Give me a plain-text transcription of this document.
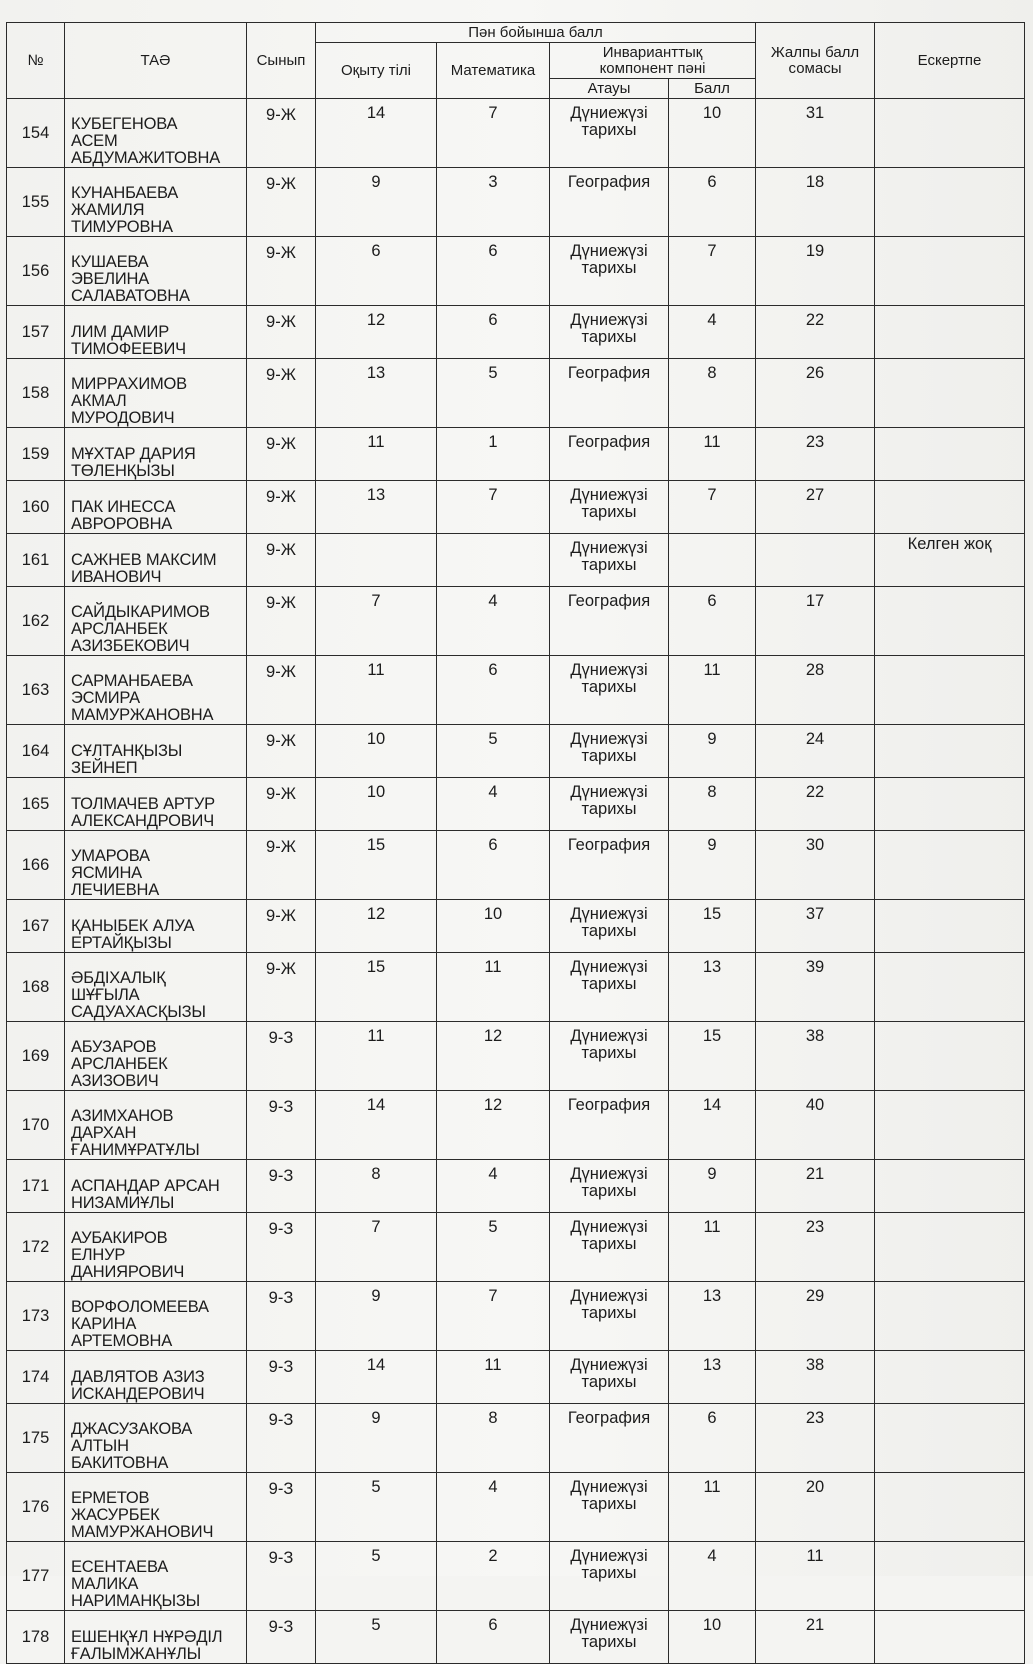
№	ТАӘ	Сынып	Пән бойынша балл				Жалпы балл
сомасы	Ескертпе
			Оқыту тілі	Математика	Инварианттық
компонент пәні			
					Атауы	Балл		
154	КУБЕГЕНОВА
АСЕМ
АБДУМАЖИТОВНА	9-Ж	14	7	Дүниежүзі
тарихы	10	31	
155	КУНАНБАЕВА
ЖАМИЛЯ
ТИМУРОВНА	9-Ж	9	3	География	6	18	
156	КУШАЕВА
ЭВЕЛИНА
САЛАВАТОВНА	9-Ж	6	6	Дүниежүзі
тарихы	7	19	
157	ЛИМ ДАМИР
ТИМОФЕЕВИЧ	9-Ж	12	6	Дүниежүзі
тарихы	4	22	
158	МИРРАХИМОВ
АКМАЛ
МУРОДОВИЧ	9-Ж	13	5	География	8	26	
159	МҰХТАР ДАРИЯ
ТӨЛЕНҚЫЗЫ	9-Ж	11	1	География	11	23	
160	ПАК ИНЕССА
АВРОРОВНА	9-Ж	13	7	Дүниежүзі
тарихы	7	27	
161	САЖНЕВ МАКСИМ
ИВАНОВИЧ	9-Ж			Дүниежүзі
тарихы			Келген жоқ
162	САЙДЫКАРИМОВ
АРСЛАНБЕК
АЗИЗБЕКОВИЧ	9-Ж	7	4	География	6	17	
163	САРМАНБАЕВА
ЭСМИРА
МАМУРЖАНОВНА	9-Ж	11	6	Дүниежүзі
тарихы	11	28	
164	СҰЛТАНҚЫЗЫ
ЗЕЙНЕП	9-Ж	10	5	Дүниежүзі
тарихы	9	24	
165	ТОЛМАЧЕВ АРТУР
АЛЕКСАНДРОВИЧ	9-Ж	10	4	Дүниежүзі
тарихы	8	22	
166	УМАРОВА
ЯСМИНА
ЛЕЧИЕВНА	9-Ж	15	6	География	9	30	
167	ҚАНЫБЕК АЛУА
ЕРТАЙҚЫЗЫ	9-Ж	12	10	Дүниежүзі
тарихы	15	37	
168	ӘБДІХАЛЫҚ
ШҰҒЫЛА
САДУАХАСҚЫЗЫ	9-Ж	15	11	Дүниежүзі
тарихы	13	39	
169	АБУЗАРОВ
АРСЛАНБЕК
АЗИЗОВИЧ	9-З	11	12	Дүниежүзі
тарихы	15	38	
170	АЗИМХАНОВ
ДАРХАН
ҒАНИМҰРАТҰЛЫ	9-З	14	12	География	14	40	
171	АСПАНДАР АРСАН
НИЗАМИҰЛЫ	9-З	8	4	Дүниежүзі
тарихы	9	21	
172	АУБАКИРОВ
ЕЛНУР
ДАНИЯРОВИЧ	9-З	7	5	Дүниежүзі
тарихы	11	23	
173	ВОРФОЛОМЕЕВА
КАРИНА
АРТЕМОВНА	9-З	9	7	Дүниежүзі
тарихы	13	29	
174	ДАВЛЯТОВ АЗИЗ
ИСКАНДЕРОВИЧ	9-З	14	11	Дүниежүзі
тарихы	13	38	
175	ДЖАСУЗАКОВА
АЛТЫН
БАКИТОВНА	9-З	9	8	География	6	23	
176	ЕРМЕТОВ
ЖАСУРБЕК
МАМУРЖАНОВИЧ	9-З	5	4	Дүниежүзі
тарихы	11	20	
177	ЕСЕНТАЕВА
МАЛИКА
НАРИМАНҚЫЗЫ	9-З	5	2	Дүниежүзі
тарихы	4	11	
178	ЕШЕНҚҰЛ НҰРӘДІЛ
ҒАЛЫМЖАНҰЛЫ	9-З	5	6	Дүниежүзі
тарихы	10	21	
